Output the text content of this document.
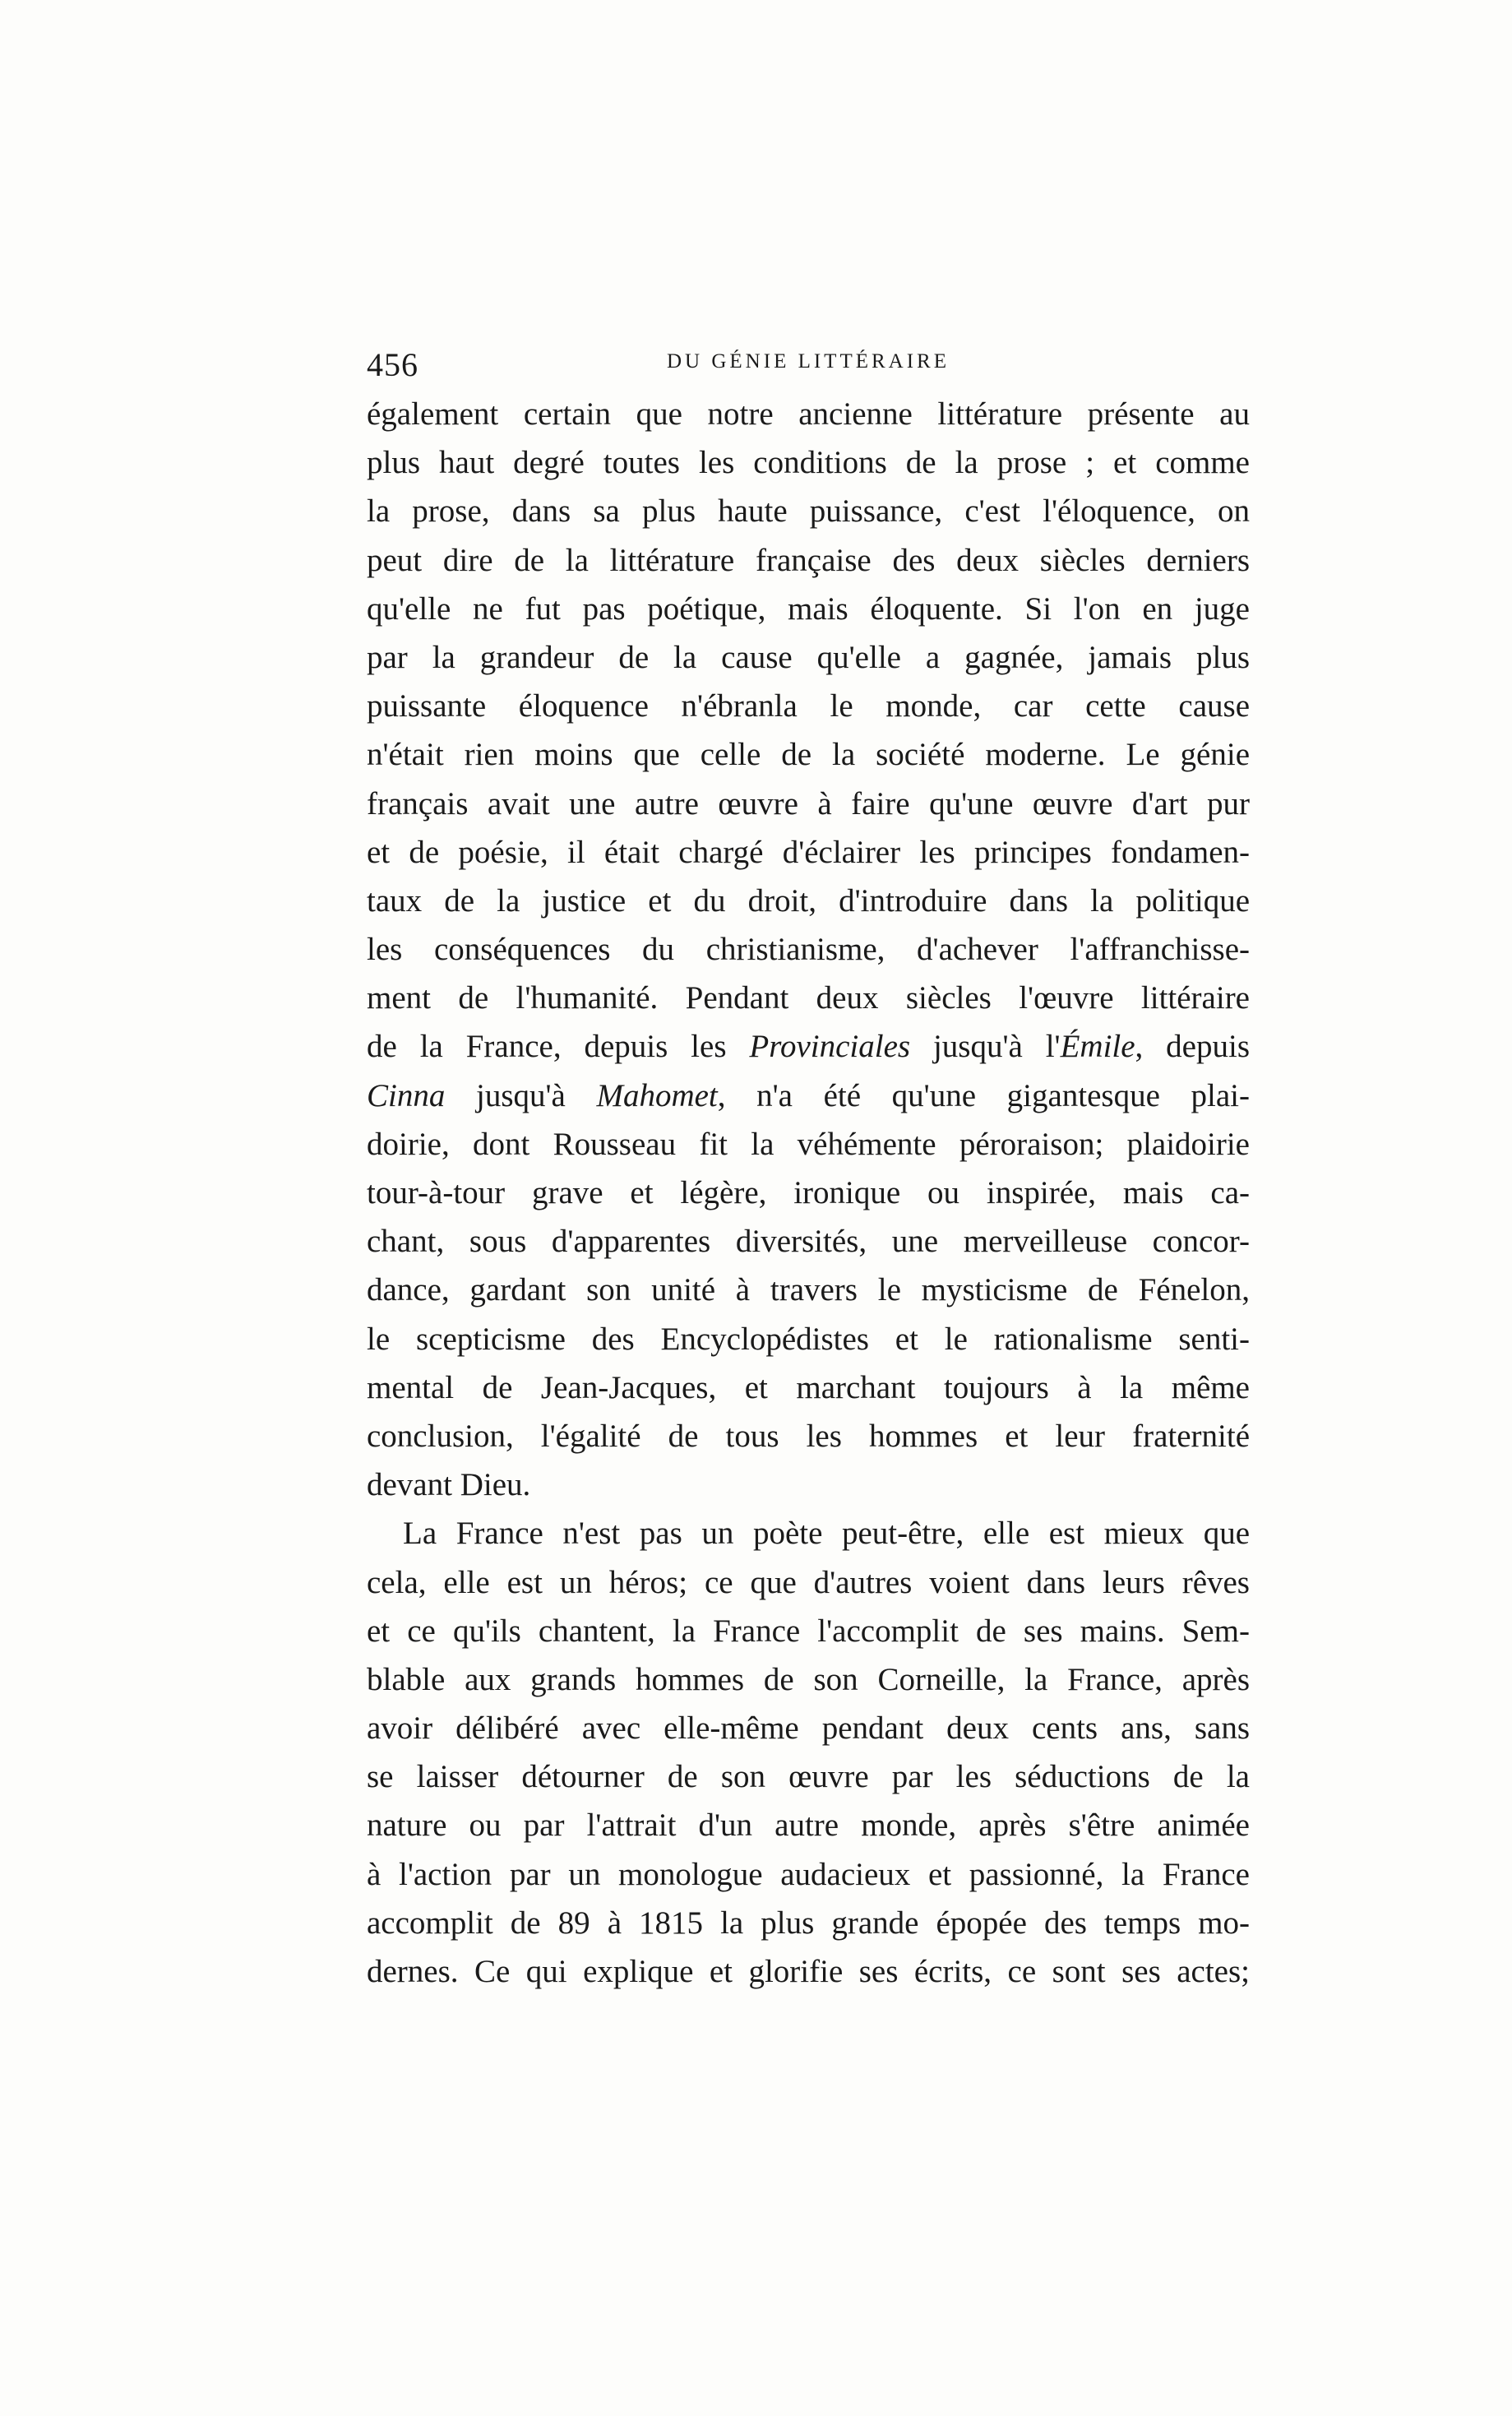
456	DU GÉNIE LITTÉRAIRE
également certain que notre ancienne littérature présente au
plus haut degré toutes les conditions de la prose ; et comme
la prose, dans sa plus haute puissance, c'est l'éloquence, on
peut dire de la littérature française des deux siècles derniers
qu'elle ne fut pas poétique, mais éloquente. Si l'on en juge
par la grandeur de la cause qu'elle a gagnée, jamais plus
puissante éloquence n'ébranla le monde, car cette cause
n'était rien moins que celle de la société moderne. Le génie
français avait une autre œuvre à faire qu'une œuvre d'art pur
et de poésie, il était chargé d'éclairer les principes fondamen-
taux de la justice et du droit, d'introduire dans la politique
les conséquences du christianisme, d'achever l'affranchisse-
ment de l'humanité. Pendant deux siècles l'œuvre littéraire
de la France, depuis les Provinciales jusqu'à l'Émile, depuis
Cinna jusqu'à Mahomet, n'a été qu'une gigantesque plai-
doirie, dont Rousseau fit la véhémente péroraison; plaidoirie
tour-à-tour grave et légère, ironique ou inspirée, mais ca-
chant, sous d'apparentes diversités, une merveilleuse concor-
dance, gardant son unité à travers le mysticisme de Fénelon,
le scepticisme des Encyclopédistes et le rationalisme senti-
mental de Jean-Jacques, et marchant toujours à la même
conclusion, l'égalité de tous les hommes et leur fraternité
devant Dieu.
La France n'est pas un poète peut-être, elle est mieux que
cela, elle est un héros; ce que d'autres voient dans leurs rêves
et ce qu'ils chantent, la France l'accomplit de ses mains. Sem-
blable aux grands hommes de son Corneille, la France, après
avoir délibéré avec elle-même pendant deux cents ans, sans
se laisser détourner de son œuvre par les séductions de la
nature ou par l'attrait d'un autre monde, après s'être animée
à l'action par un monologue audacieux et passionné, la France
accomplit de 89 à 1815 la plus grande épopée des temps mo-
dernes. Ce qui explique et glorifie ses écrits, ce sont ses actes;
